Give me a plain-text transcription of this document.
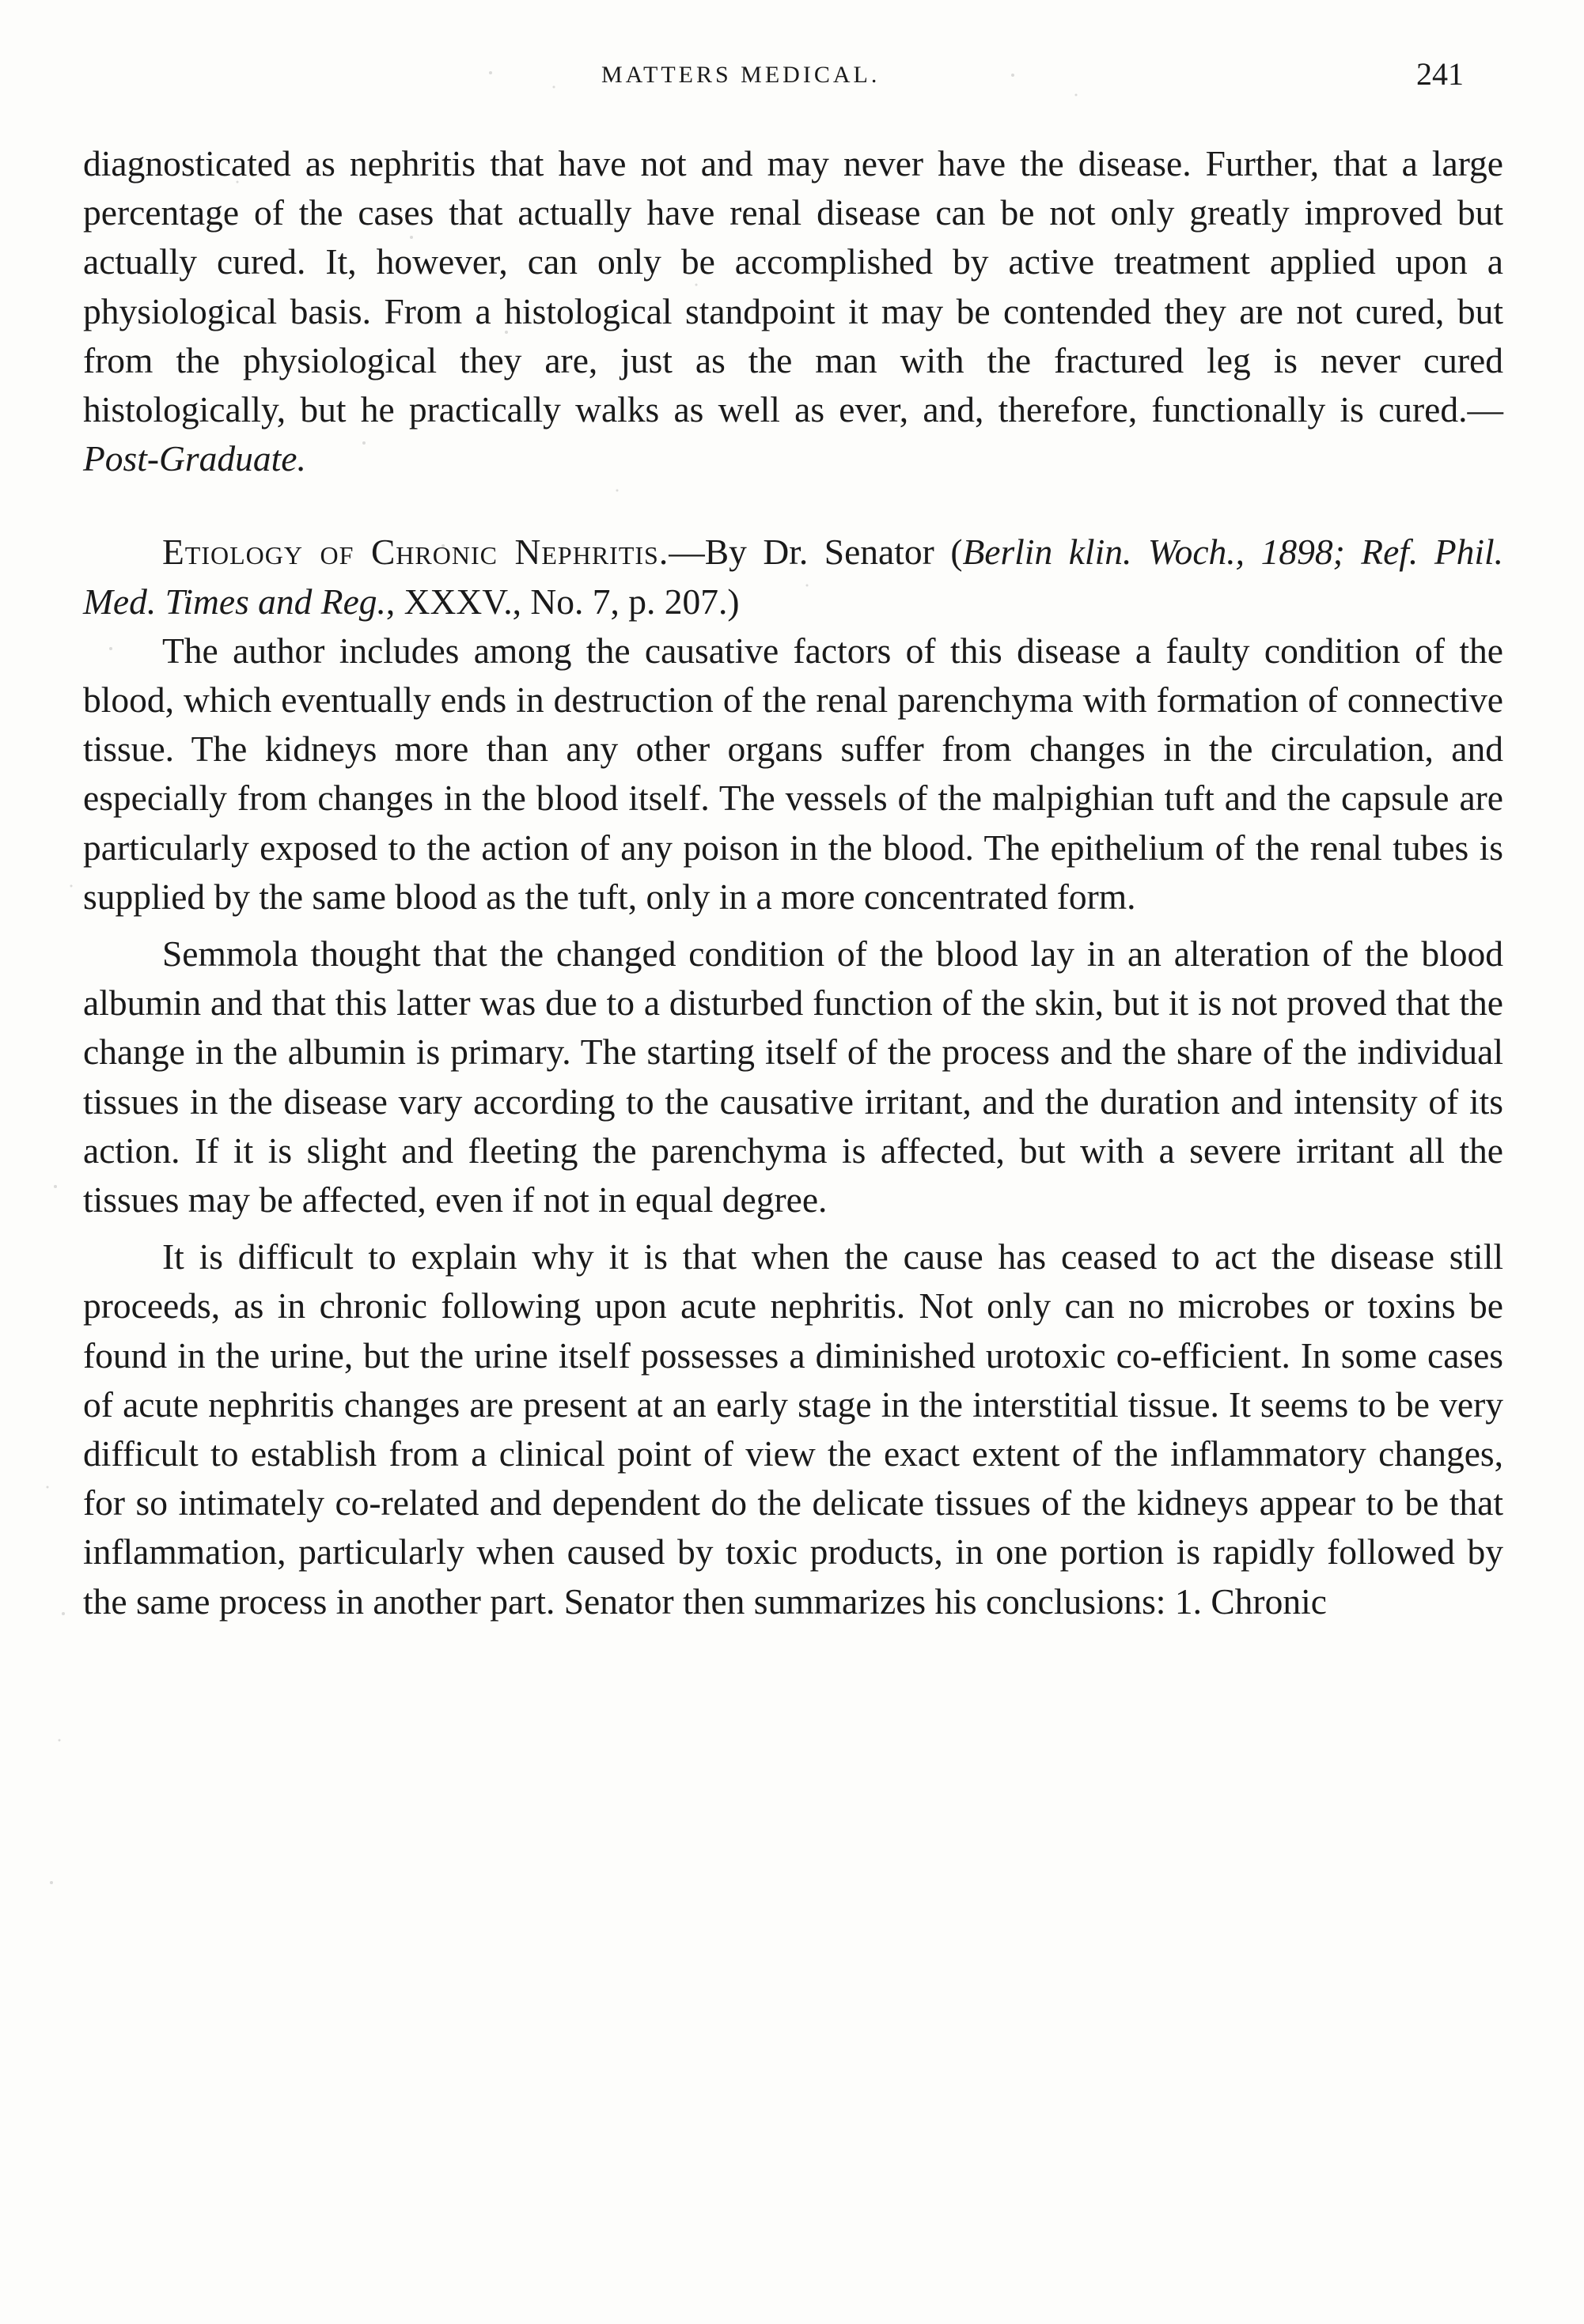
MATTERS MEDICAL.	241

diagnosticated as nephritis that have not and may never have the disease. Further, that a large percentage of the cases that actually have renal disease can be not only greatly improved but actually cured. It, however, can only be accomplished by active treatment applied upon a physiological basis. From a histological standpoint it may be contended they are not cured, but from the physiological they are, just as the man with the fractured leg is never cured histologically, but he practically walks as well as ever, and, therefore, functionally is cured.—Post-Graduate.

Etiology of Chronic Nephritis.—By Dr. Senator (Berlin klin. Woch., 1898; Ref. Phil. Med. Times and Reg., XXXV., No. 7, p. 207.)

The author includes among the causative factors of this disease a faulty condition of the blood, which eventually ends in destruction of the renal parenchyma with formation of connective tissue. The kidneys more than any other organs suffer from changes in the circulation, and especially from changes in the blood itself. The vessels of the malpighian tuft and the capsule are particularly exposed to the action of any poison in the blood. The epithelium of the renal tubes is supplied by the same blood as the tuft, only in a more concentrated form.

Semmola thought that the changed condition of the blood lay in an alteration of the blood albumin and that this latter was due to a disturbed function of the skin, but it is not proved that the change in the albumin is primary. The starting itself of the process and the share of the individual tissues in the disease vary according to the causative irritant, and the duration and intensity of its action. If it is slight and fleeting the parenchyma is affected, but with a severe irritant all the tissues may be affected, even if not in equal degree.

It is difficult to explain why it is that when the cause has ceased to act the disease still proceeds, as in chronic following upon acute nephritis. Not only can no microbes or toxins be found in the urine, but the urine itself possesses a diminished urotoxic co-efficient. In some cases of acute nephritis changes are present at an early stage in the interstitial tissue. It seems to be very difficult to establish from a clinical point of view the exact extent of the inflammatory changes, for so intimately co-related and dependent do the delicate tissues of the kidneys appear to be that inflammation, particularly when caused by toxic products, in one portion is rapidly followed by the same process in another part. Senator then summarizes his conclusions: 1. Chronic
